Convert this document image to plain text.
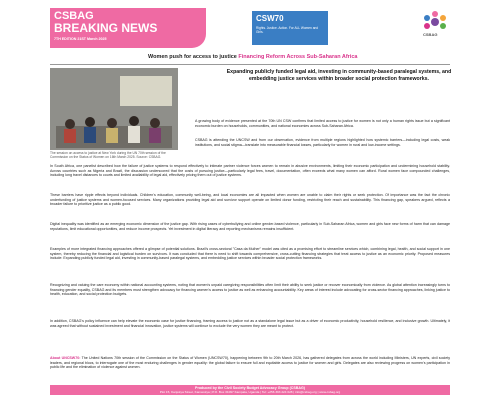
CSBAG
BREAKING NEWS
7TH EDITION 21ST March 2025
CSW70
Rights. Justice. Action. For ALL Women and Girls.	CSBAG
Women push for access to justice Financing Reform Across Sub-Saharan Africa
The session on access to justice at New York during the UN 70th session of the Commission on the Status of Women on 16th March 2025. Source: CSBAG.
Expanding publicly funded legal aid, investing in community-based paralegal systems, and embedding justice services within broader social protection frameworks.
A growing body of evidence presented at the 70th UN CSW confirms that limited access to justice for women is not only a human rights issue but a significant economic burden on households, communities, and national economies across Sub-Saharan Africa.
CSBAG is attending the UNCSW and from our observation, evidence from multiple regions highlighted how systemic barriers—including legal costs, weak institutions, and social stigma—translate into measurable financial losses, particularly for women in rural and low-income settings.
In South Africa, one panelist described how the failure of justice systems to respond effectively to intimate partner violence forces women to remain in abusive environments, limiting their economic participation and undermining household stability. Across countries such as Nigeria and Brazil, the discussion underscored that the costs of pursuing justice—particularly legal fees, travel, documentation, often exceeds what many women can afford. Rural women face compounded challenges, including long travel distances to courts and limited availability of legal aid, effectively pricing them out of justice systems.
These barriers have ripple effects beyond individuals. Children's education, community well-being, and local economies are all impacted when women are unable to claim their rights or seek protection. Of importance was the fact the chronic underfunding of justice systems and women-focused services. Many organizations providing legal aid and survivor support operate on limited donor funding, restricting their reach and sustainability. This financing gap, speakers argued, reflects a broader failure to prioritize justice as a public good.
Digital inequality was identified as an emerging economic dimension of the justice gap. With rising cases of cyberbullying and online gender-based violence, particularly in Sub-Saharan Africa, women and girls face new forms of harm that can damage reputations, limit educational opportunities, and reduce income prospects. Yet investment in digital literacy and reporting mechanisms remains insufficient.
Examples of more integrated financing approaches offered a glimpse of potential solutions. Brazil's cross-sectoral "Casa da Mulher" model was cited as a promising effort to streamline services which, combining legal, health, and social support in one system, thereby reducing the financial and logistical burden on survivors. It was concluded that there is need to shift towards comprehensive, cross-cutting financing strategies that treat access to justice as an economic priority. Proposed measures include: Expanding publicly funded legal aid, investing in community-based paralegal systems, and embedding justice services within broader social protection frameworks.
Recognizing and valuing the care economy within national accounting systems, noting that women's unpaid caregiving responsibilities often limit their ability to seek justice or recover economically from violence. As global attention increasingly turns to financing gender equality, CSBAG and its members must strengthen advocacy for financing women's access to justice as well as enhancing accountability. Key areas of interest include advocating for cross-sector financing approaches, linking justice to health, education, and social protection budgets.
In addition, CSBAG's policy influence can help elevate the economic case for justice financing, framing access to justice not as a standalone legal issue but as a driver of economic productivity, household resilience, and inclusive growth. Ultimately, it was agreed that without sustained investment and financial innovation, justice systems will continue to exclude the very women they are meant to protect.
About UNCSW70: The United Nations 70th session of the Commission on the Status of Women (UNCSW70), happening between 9th to 20th March 2026, has gathered delegates from across the world including Ministers, UN experts, civil society leaders, and regional blocs, to interrogate one of the most enduring challenges in gender equality: the global failure to ensure full and equitable access to justice for women and girls. Delegates are also reviewing progress on women's participation in public life and the elimination of violence against women.
Produced by the Civil Society Budget Advocacy Group (CSBAG)
Plot 15, Kanjokya Street, Kamwokya | P.O. Box 31097 Kampala, Uganda | Tel: +256 393 224 028 | info@csbag.org | www.csbag.org
